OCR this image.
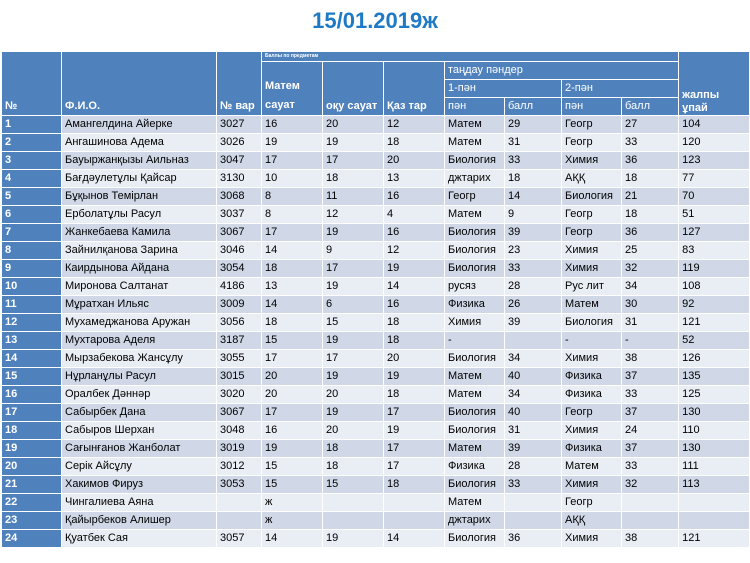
15/01.2019ж
№	Ф.И.О.	№ вар	Баллы по предметам							жалпы ұпай
			Матем сауат	оқу сауат	Қаз тар	таңдау пәндер				
						1-пән		2-пән		
						пән	балл	пән	балл	
1	Амангелдина Айерке	3027	16	20	12	Матем	29	Геогр	27	104
2	Ангашинова Адема	3026	19	19	18	Матем	31	Геогр	33	120
3	Бауыржанқызы Аильназ	3047	17	17	20	Биология	33	Химия	36	123
4	Бағдәулетұлы Қайсар	3130	10	18	13	джтарих	18	АҚҚ	18	77
5	Бұқынов Темірлан	3068	8	11	16	Геогр	14	Биология	21	70
6	Ерболатұлы Расул	3037	8	12	4	Матем	9	Геогр	18	51
7	Жанкебаева Камила	3067	17	19	16	Биология	39	Геогр	36	127
8	Зайнилқанова Зарина	3046	14	9	12	Биология	23	Химия	25	83
9	Каирдынова Айдана	3054	18	17	19	Биология	33	Химия	32	119
10	Миронова Салтанат	4186	13	19	14	русяз	28	Рус лит	34	108
11	Мұратхан Ильяс	3009	14	6	16	Физика	26	Матем	30	92
12	Мухамеджанова Аружан	3056	18	15	18	Химия	39	Биология	31	121
13	Мухтарова Аделя	3187	15	19	18	-		-	-	52
14	Мырзабекова Жансұлу	3055	17	17	20	Биология	34	Химия	38	126
15	Нұрланұлы Расул	3015	20	19	19	Матем	40	Физика	37	135
16	Оралбек Дәннәр	3020	20	20	18	Матем	34	Физика	33	125
17	Сабырбек Дана	3067	17	19	17	Биология	40	Геогр	37	130
18	Сабыров Шерхан	3048	16	20	19	Биология	31	Химия	24	110
19	Сағынғанов Жанболат	3019	19	18	17	Матем	39	Физика	37	130
20	Серік Айсұлу	3012	15	18	17	Физика	28	Матем	33	111
21	Хакимов Фируз	3053	15	15	18	Биология	33	Химия	32	113
22	Чингалиева Аяна		ж			Матем		Геогр		
23	Қайырбеков Алишер		ж			джтарих		АҚҚ		
24	Қуатбек Сая	3057	14	19	14	Биология	36	Химия	38	121
